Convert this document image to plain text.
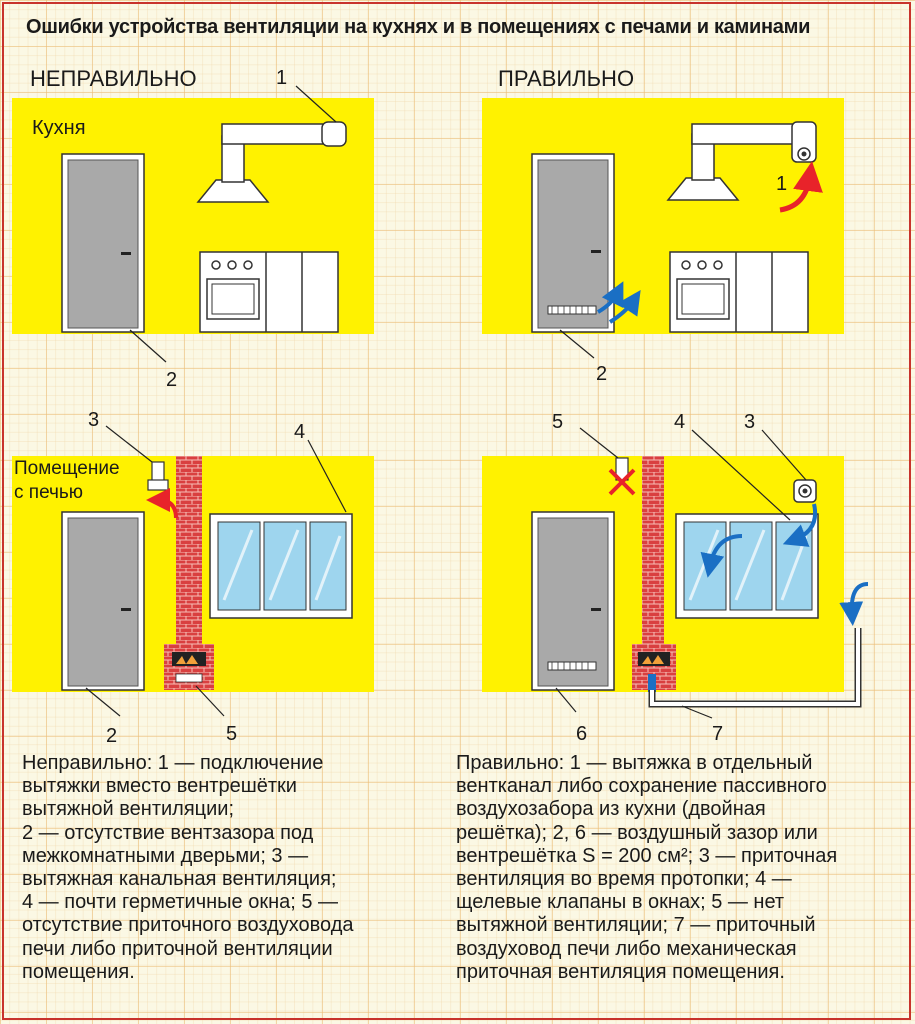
Ошибки устройства вентиляции на кухнях и в помещениях с печами и каминами
НЕПРАВИЛЬНО	ПРАВИЛЬНО
Кухня
1
2
1
2
Помещение
с печью
3
4
2	5
5	4	3
6	7
Неправильно: 1 — подключение
вытяжки вместо вентрешётки
вытяжной вентиляции;
2 — отсутствие вентзазора под
межкомнатными дверьми; 3 —
вытяжная канальная вентиляция;
4 — почти герметичные окна; 5 —
отсутствие приточного воздуховода
печи либо приточной вентиляции
помещения.
Правильно: 1 — вытяжка в отдельный
вентканал либо сохранение пассивного
воздухозабора из кухни (двойная
решётка); 2, 6 — воздушный зазор или
вентрешётка S = 200 см²; 3 — приточная
вентиляция во время протопки; 4 —
щелевые клапаны в окнах; 5 — нет
вытяжной вентиляции; 7 — приточный
воздуховод печи либо механическая
приточная вентиляция помещения.
